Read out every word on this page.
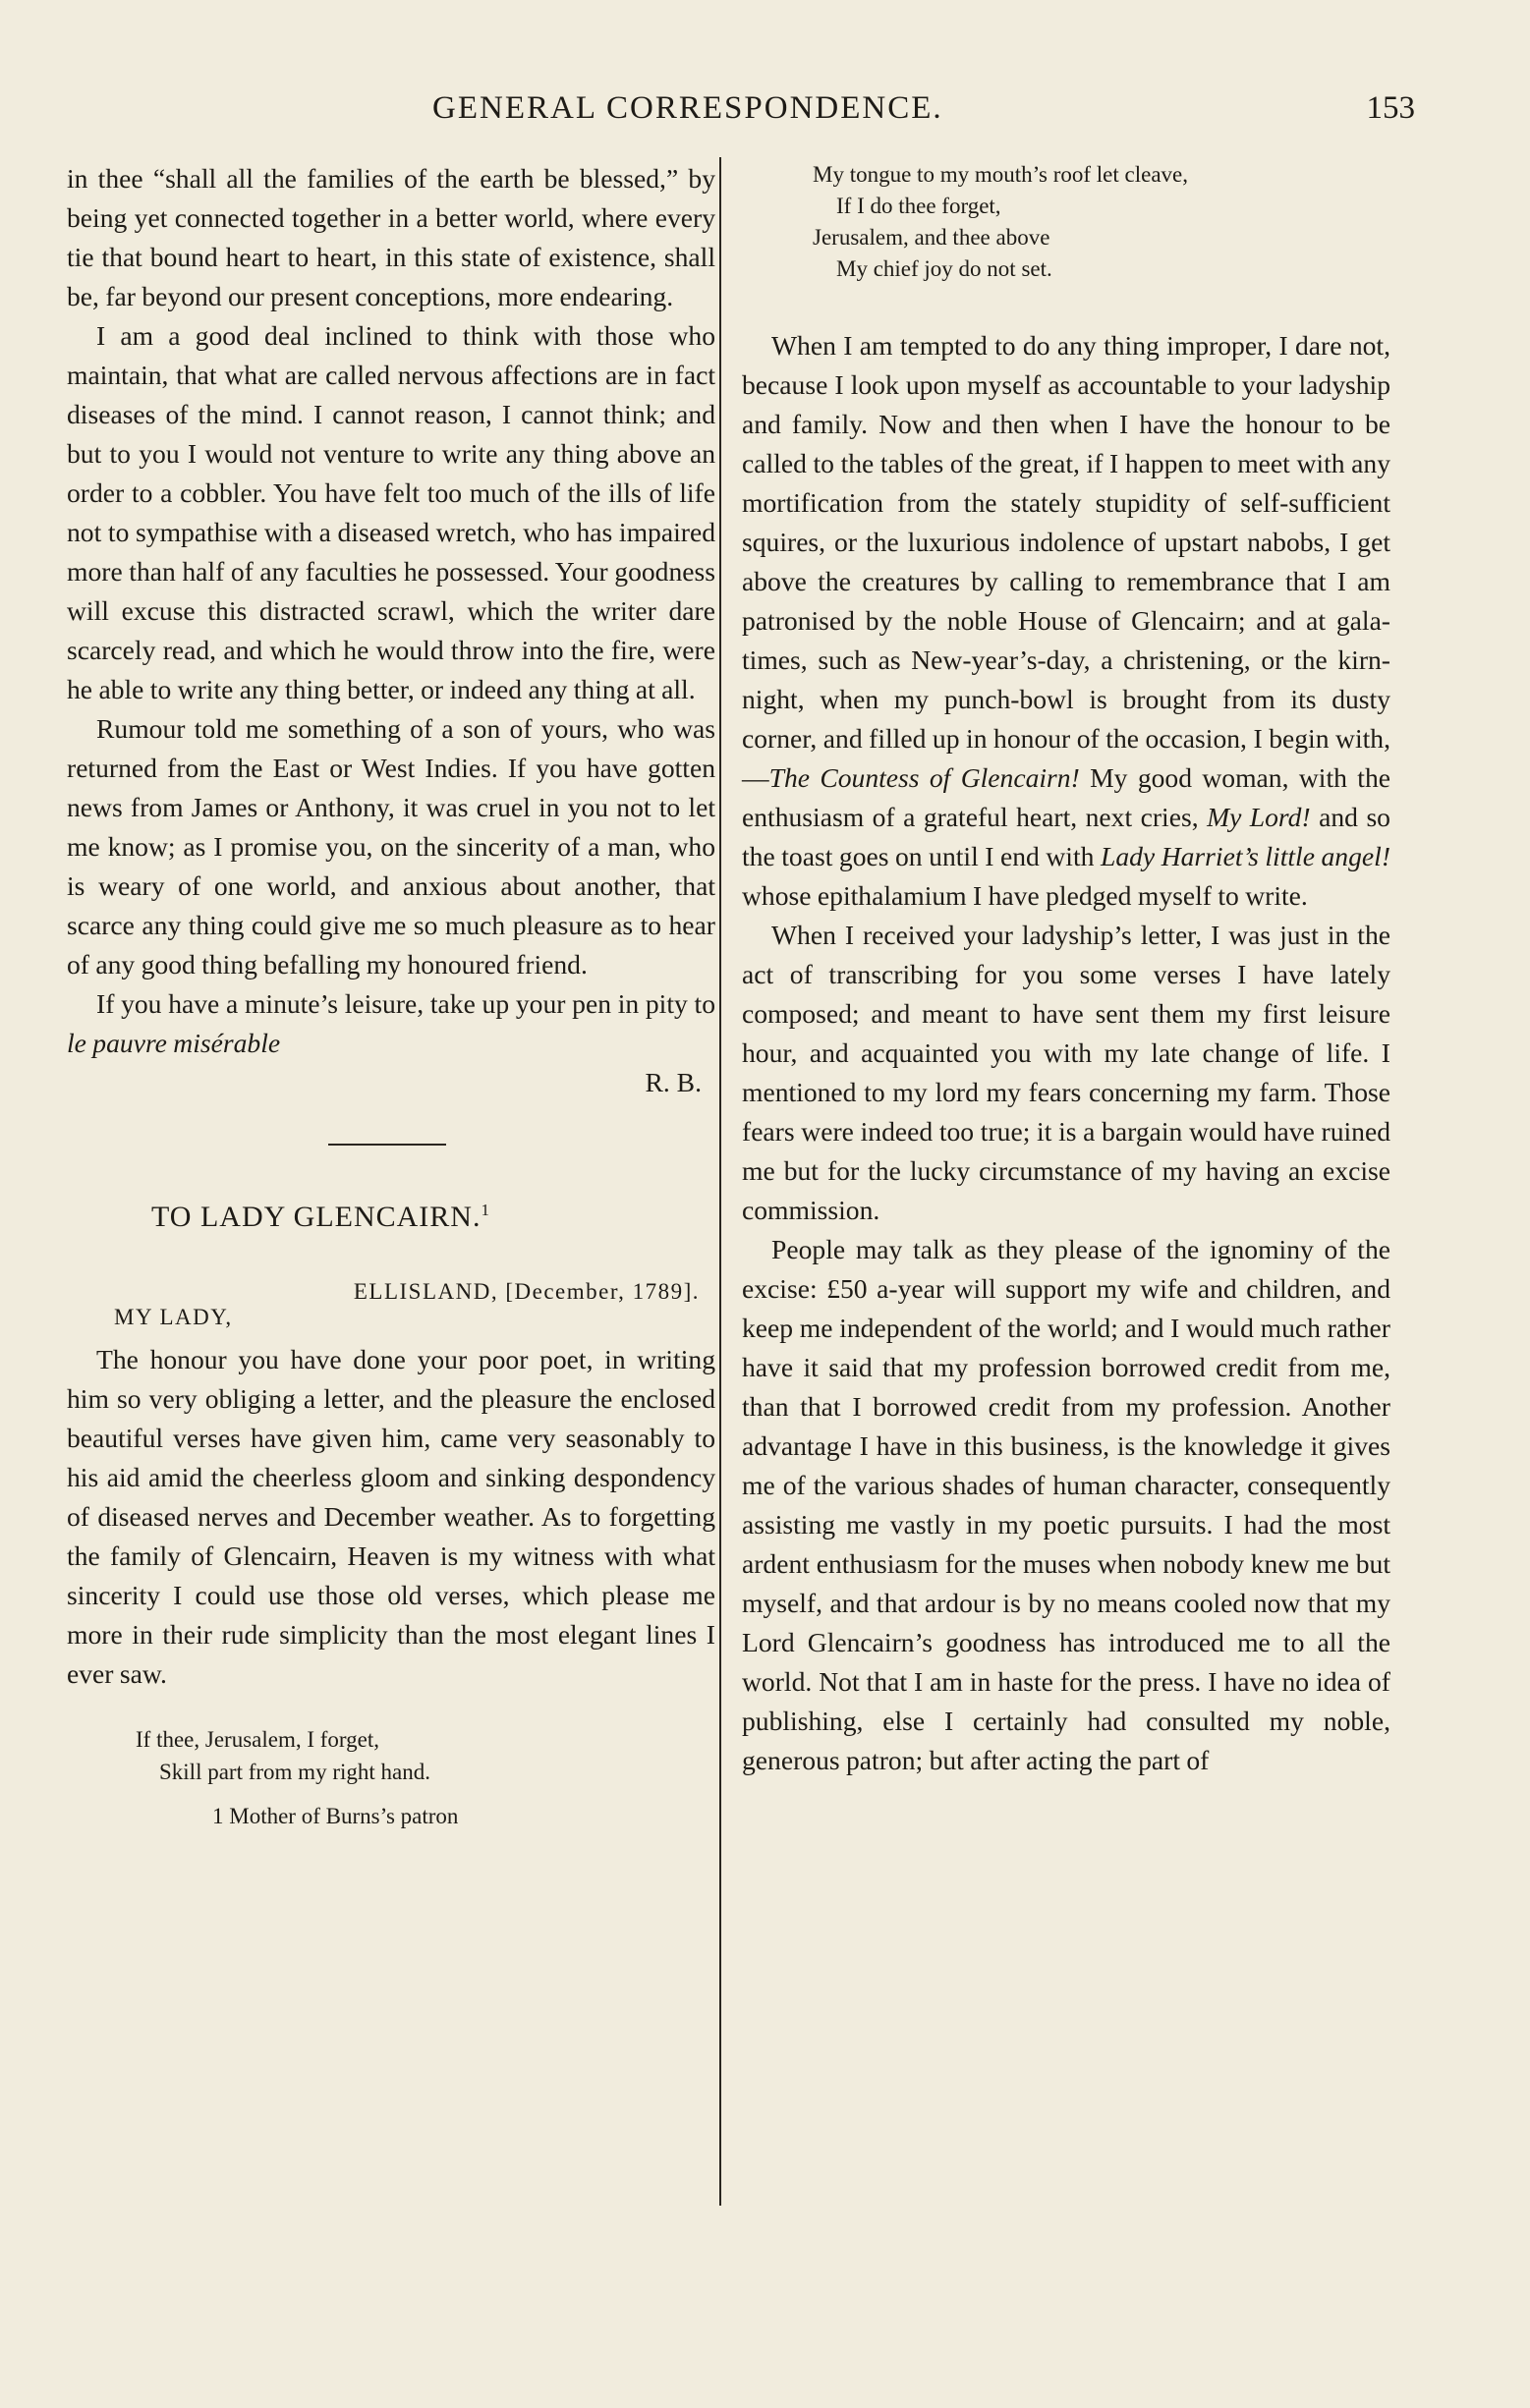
GENERAL CORRESPONDENCE.	153

in thee “shall all the families of the earth be blessed,” by being yet connected together in a better world, where every tie that bound heart to heart, in this state of existence, shall be, far beyond our present conceptions, more endearing.

I am a good deal inclined to think with those who maintain, that what are called nervous affections are in fact diseases of the mind. I cannot reason, I cannot think; and but to you I would not venture to write any thing above an order to a cobbler. You have felt too much of the ills of life not to sympathise with a diseased wretch, who has impaired more than half of any faculties he possessed. Your goodness will excuse this distracted scrawl, which the writer dare scarcely read, and which he would throw into the fire, were he able to write any thing better, or indeed any thing at all.

Rumour told me something of a son of yours, who was returned from the East or West Indies. If you have gotten news from James or Anthony, it was cruel in you not to let me know; as I promise you, on the sincerity of a man, who is weary of one world, and anxious about another, that scarce any thing could give me so much pleasure as to hear of any good thing befalling my honoured friend.

If you have a minute’s leisure, take up your pen in pity to le pauvre misérable

R. B.
TO LADY GLENCAIRN.$^1$
ELLISLAND, [December, 1789].
MY LADY,

The honour you have done your poor poet, in writing him so very obliging a letter, and the pleasure the enclosed beautiful verses have given him, came very seasonably to his aid amid the cheerless gloom and sinking despondency of diseased nerves and December weather. As to forgetting the family of Glencairn, Heaven is my witness with what sincerity I could use those old verses, which please me more in their rude simplicity than the most elegant lines I ever saw.

If thee, Jerusalem, I forget,
Skill part from my right hand.
1 Mother of Burns’s patron
My tongue to my mouth’s roof let cleave,
If I do thee forget,
Jerusalem, and thee above
My chief joy do not set.

When I am tempted to do any thing improper, I dare not, because I look upon myself as accountable to your ladyship and family. Now and then when I have the honour to be called to the tables of the great, if I happen to meet with any mortification from the stately stupidity of self-sufficient squires, or the luxurious indolence of upstart nabobs, I get above the creatures by calling to remembrance that I am patronised by the noble House of Glencairn; and at gala-times, such as New-year’s-day, a christening, or the kirn-night, when my punch-bowl is brought from its dusty corner, and filled up in honour of the occasion, I begin with,—The Countess of Glencairn! My good woman, with the enthusiasm of a grateful heart, next cries, My Lord! and so the toast goes on until I end with Lady Harriet’s little angel! whose epithalamium I have pledged myself to write.

When I received your ladyship’s letter, I was just in the act of transcribing for you some verses I have lately composed; and meant to have sent them my first leisure hour, and acquainted you with my late change of life. I mentioned to my lord my fears concerning my farm. Those fears were indeed too true; it is a bargain would have ruined me but for the lucky circumstance of my having an excise commission.

People may talk as they please of the ignominy of the excise: £50 a-year will support my wife and children, and keep me independent of the world; and I would much rather have it said that my profession borrowed credit from me, than that I borrowed credit from my profession. Another advantage I have in this business, is the knowledge it gives me of the various shades of human character, consequently assisting me vastly in my poetic pursuits. I had the most ardent enthusiasm for the muses when nobody knew me but myself, and that ardour is by no means cooled now that my Lord Glencairn’s goodness has introduced me to all the world. Not that I am in haste for the press. I have no idea of publishing, else I certainly had consulted my noble, generous patron; but after acting the part of
